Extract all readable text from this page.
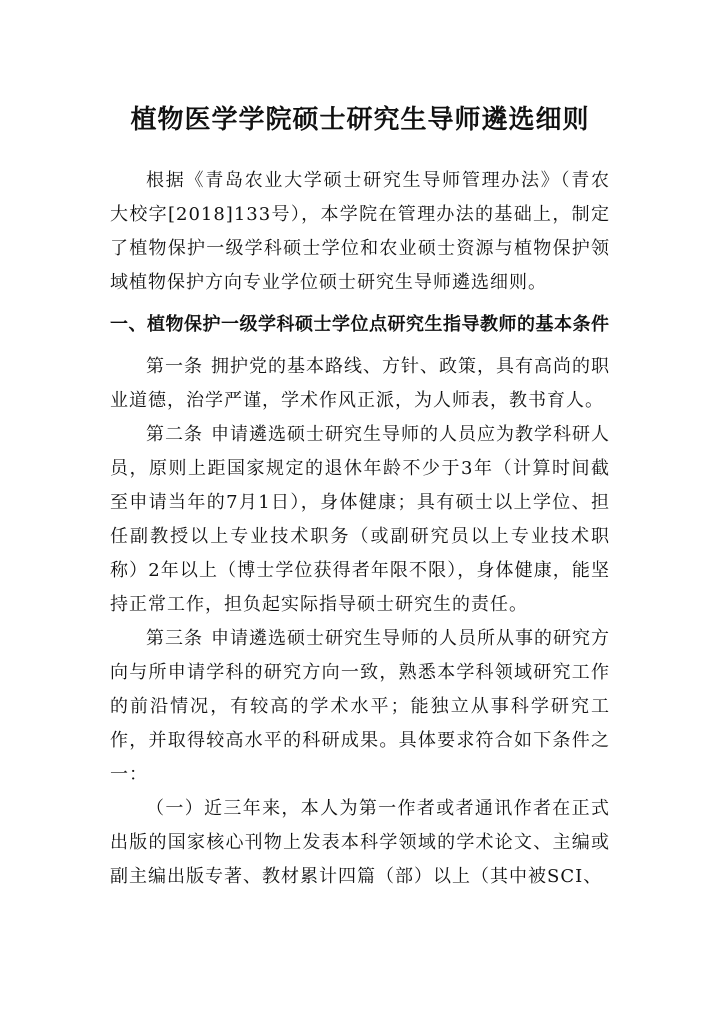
植物医学学院硕士研究生导师遴选细则

根据《青岛农业大学硕士研究生导师管理办法》（青农大校字[2018]133号），本学院在管理办法的基础上，制定了植物保护一级学科硕士学位和农业硕士资源与植物保护领域植物保护方向专业学位硕士研究生导师遴选细则。

一、植物保护一级学科硕士学位点研究生指导教师的基本条件

第一条 拥护党的基本路线、方针、政策，具有高尚的职业道德，治学严谨，学术作风正派，为人师表，教书育人。

第二条 申请遴选硕士研究生导师的人员应为教学科研人员，原则上距国家规定的退休年龄不少于3年（计算时间截至申请当年的7月1日），身体健康；具有硕士以上学位、担任副教授以上专业技术职务（或副研究员以上专业技术职称）2年以上（博士学位获得者年限不限），身体健康，能坚持正常工作，担负起实际指导硕士研究生的责任。

第三条 申请遴选硕士研究生导师的人员所从事的研究方向与所申请学科的研究方向一致，熟悉本学科领域研究工作的前沿情况，有较高的学术水平；能独立从事科学研究工作，并取得较高水平的科研成果。具体要求符合如下条件之一：

（一）近三年来，本人为第一作者或者通讯作者在正式出版的国家核心刊物上发表本科学领域的学术论文、主编或副主编出版专著、教材累计四篇（部）以上（其中被SCI、
